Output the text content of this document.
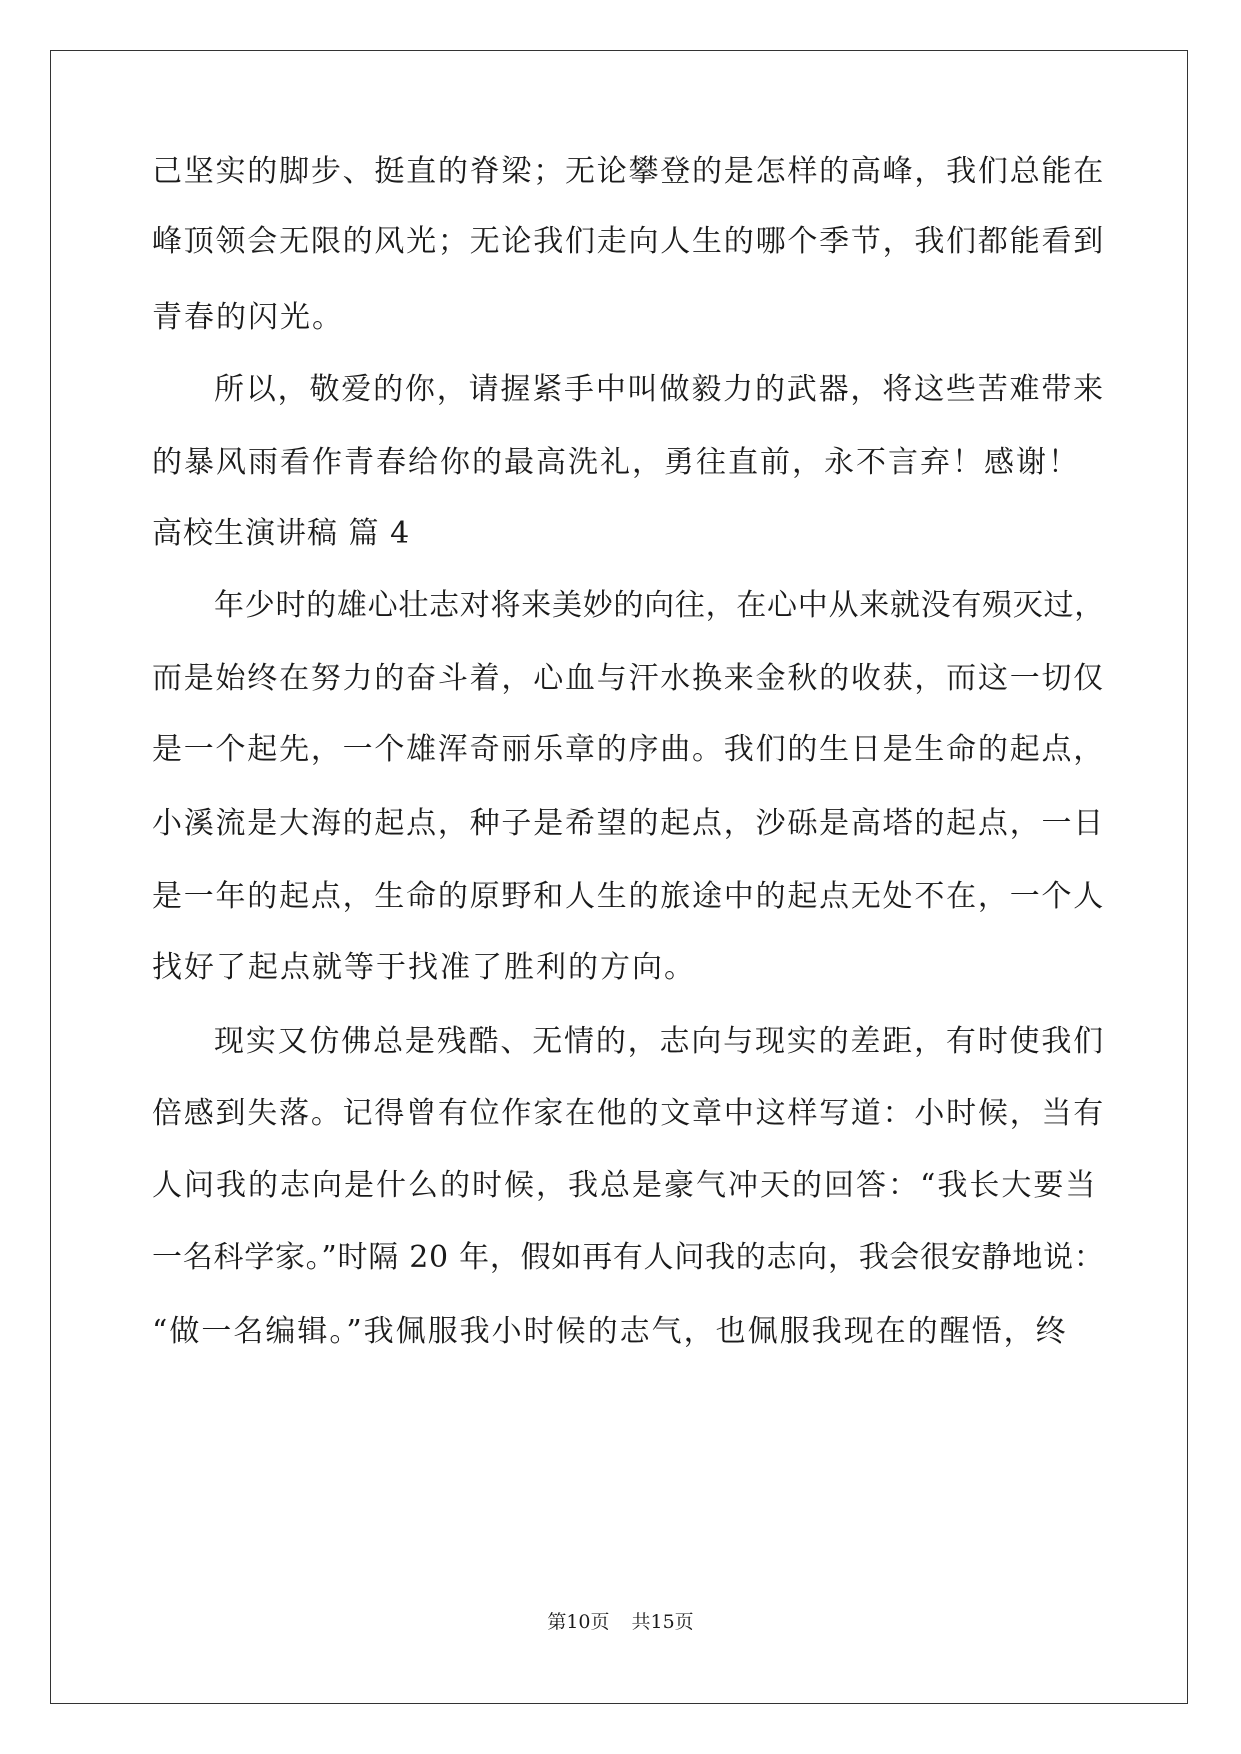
己坚实的脚步、挺直的脊梁；无论攀登的是怎样的高峰，我们总能在
峰顶领会无限的风光；无论我们走向人生的哪个季节，我们都能看到
青春的闪光。
所以，敬爱的你，请握紧手中叫做毅力的武器，将这些苦难带来
的暴风雨看作青春给你的最高洗礼，勇往直前，永不言弃！感谢！
高校生演讲稿 篇 4
年少时的雄心壮志对将来美妙的向往，在心中从来就没有殒灭过，
而是始终在努力的奋斗着，心血与汗水换来金秋的收获，而这一切仅
是一个起先，一个雄浑奇丽乐章的序曲。我们的生日是生命的起点，
小溪流是大海的起点，种子是希望的起点，沙砾是高塔的起点，一日
是一年的起点，生命的原野和人生的旅途中的起点无处不在，一个人
找好了起点就等于找准了胜利的方向。
现实又仿佛总是残酷、无情的，志向与现实的差距，有时使我们
倍感到失落。记得曾有位作家在他的文章中这样写道：小时候，当有
人问我的志向是什么的时候，我总是豪气冲天的回答：“我长大要当
一名科学家。”时隔 20 年，假如再有人问我的志向，我会很安静地说：
“做一名编辑。”我佩服我小时候的志气，也佩服我现在的醒悟，终
第10页 共15页
